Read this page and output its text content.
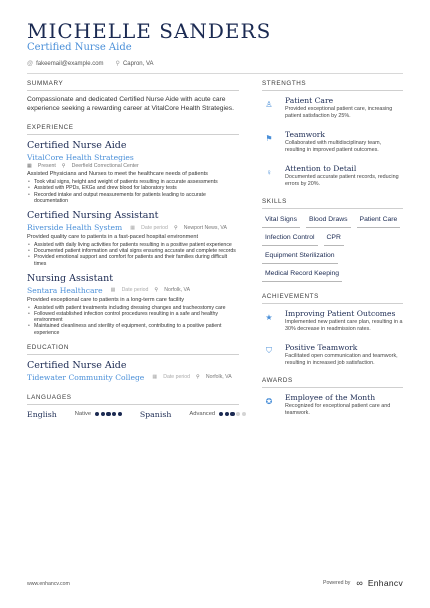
MICHELLE SANDERS
Certified Nurse Aide
@ fakeemail@example.com ⚲ Capron, VA
SUMMARY
Compassionate and dedicated Certified Nurse Aide with acute care experience seeking a rewarding career at VitalCore Health Strategies.
EXPERIENCE
Certified Nurse Aide
VitalCore Health Strategies
▦ Present ⚲ Deerfield Correctional Center
Assisted Physicians and Nurses to meet the healthcare needs of patients
• Took vital signs, height and weight of patients resulting in accurate assessments
• Assisted with PPDs, EKGs and drew blood for laboratory tests
• Recorded intake and output measurements for patients leading to accurate documentation
Certified Nursing Assistant
Riverside Health System ▦ Date period ⚲ Newport News, VA
Provided quality care to patients in a fast-paced hospital environment
• Assisted with daily living activities for patients resulting in a positive patient experience
• Documented patient information and vital signs ensuring accurate and complete records
• Provided emotional support and comfort for patients and their families during difficult times
Nursing Assistant
Sentara Healthcare ▦ Date period ⚲ Norfolk, VA
Provided exceptional care to patients in a long-term care facility
• Assisted with patient treatments including dressing changes and tracheostomy care
• Followed established infection control procedures resulting in a safe and healthy environment
• Maintained cleanliness and sterility of equipment, contributing to a positive patient experience
EDUCATION
Certified Nurse Aide
Tidewater Community College ▦ Date period ⚲ Norfolk, VA
LANGUAGES
English	Native	Spanish	Advanced
STRENGTHS
♙	Patient Care
Provided exceptional patient care, increasing patient satisfaction by 25%.
⚑	Teamwork
Collaborated with multidisciplinary team, resulting in improved patient outcomes.
♀	Attention to Detail
Documented accurate patient records, reducing errors by 20%.
SKILLS
Vital Signs	Blood Draws	Patient Care
Infection Control	CPR
Equipment Sterilization
Medical Record Keeping
ACHIEVEMENTS
★	Improving Patient Outcomes
Implemented new patient care plan, resulting in a 30% decrease in readmission rates.
⛉	Positive Teamwork
Facilitated open communication and teamwork, resulting in increased job satisfaction.
AWARDS
✪	Employee of the Month
Recognized for exceptional patient care and teamwork.
www.enhancv.com	Powered by ∞ Enhancv
